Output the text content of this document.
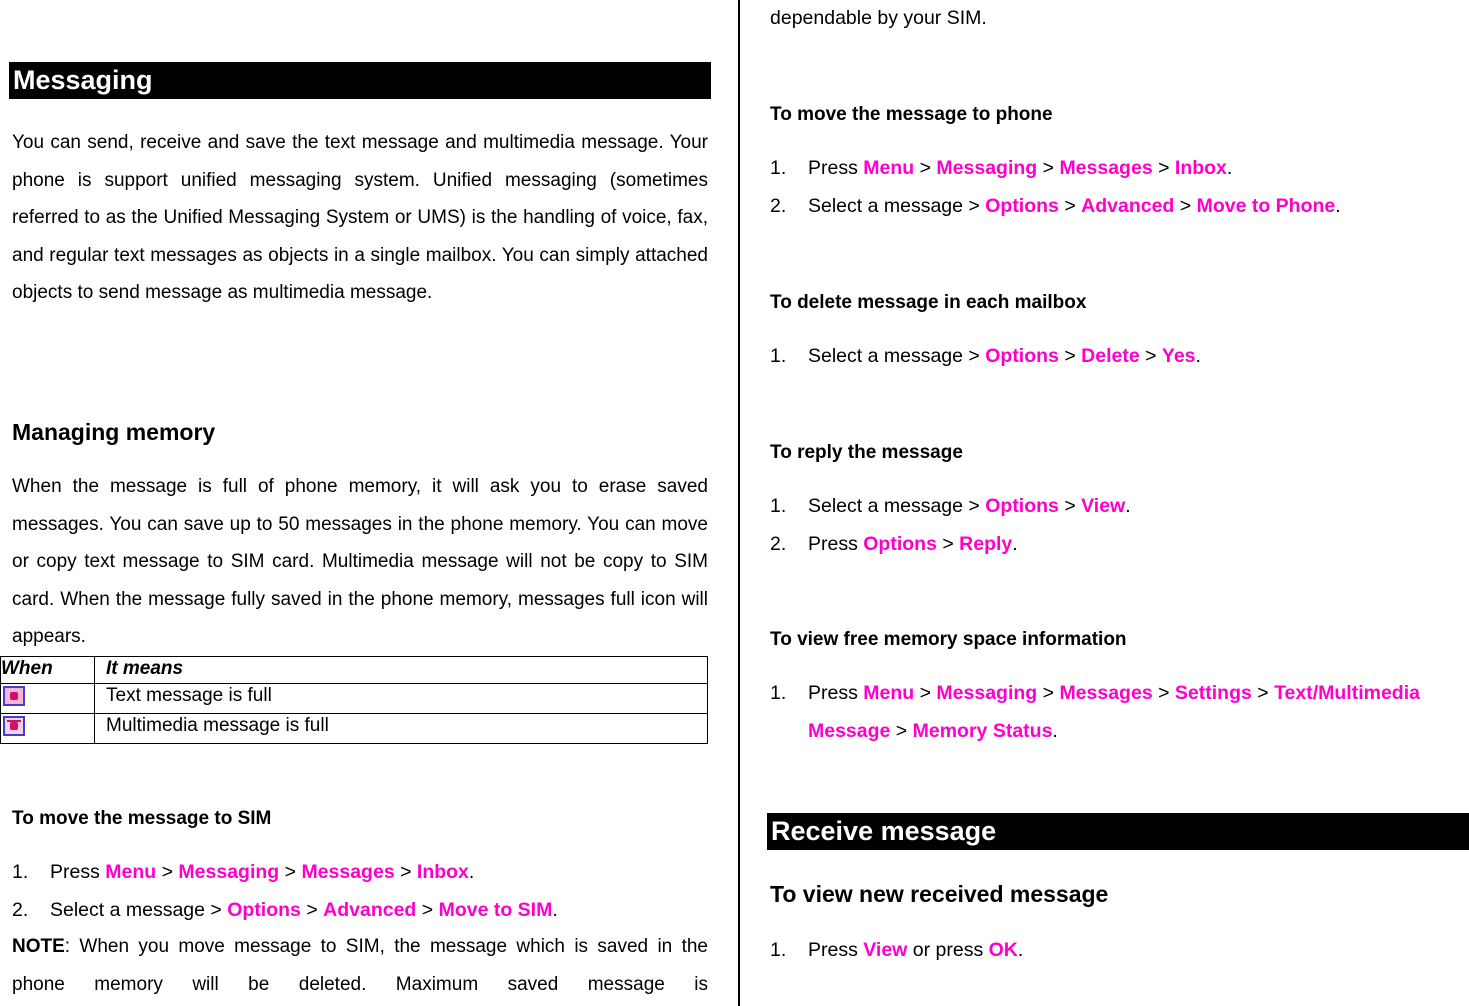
Messaging

You can send, receive and save the text message and multimedia message. Your phone is support unified messaging system. Unified messaging (sometimes referred to as the Unified Messaging System or UMS) is the handling of voice, fax, and regular text messages as objects in a single mailbox. You can simply attached objects to send message as multimedia message.

Managing memory

When the message is full of phone memory, it will ask you to erase saved messages. You can save up to 50 messages in the phone memory. You can move or copy text message to SIM card. Multimedia message will not be copy to SIM card. When the message fully saved in the phone memory, messages full icon will appears.

When	It means
	Text message is full
	Multimedia message is full
To move the message to SIM
1. Press Menu > Messaging > Messages > Inbox.
2. Select a message > Options > Advanced > Move to SIM.

NOTE: When you move message to SIM, the message which is saved in the phone memory will be deleted. Maximum saved message is

dependable by your SIM.
To move the message to phone
1. Press Menu > Messaging > Messages > Inbox.
2. Select a message > Options > Advanced > Move to Phone.
To delete message in each mailbox
1. Select a message > Options > Delete > Yes.
To reply the message
1. Select a message > Options > View.
2. Press Options > Reply.
To view free memory space information
1. Press Menu > Messaging > Messages > Settings > Text/Multimedia
Message > Memory Status.
Receive message
To view new received message
1. Press View or press OK.
